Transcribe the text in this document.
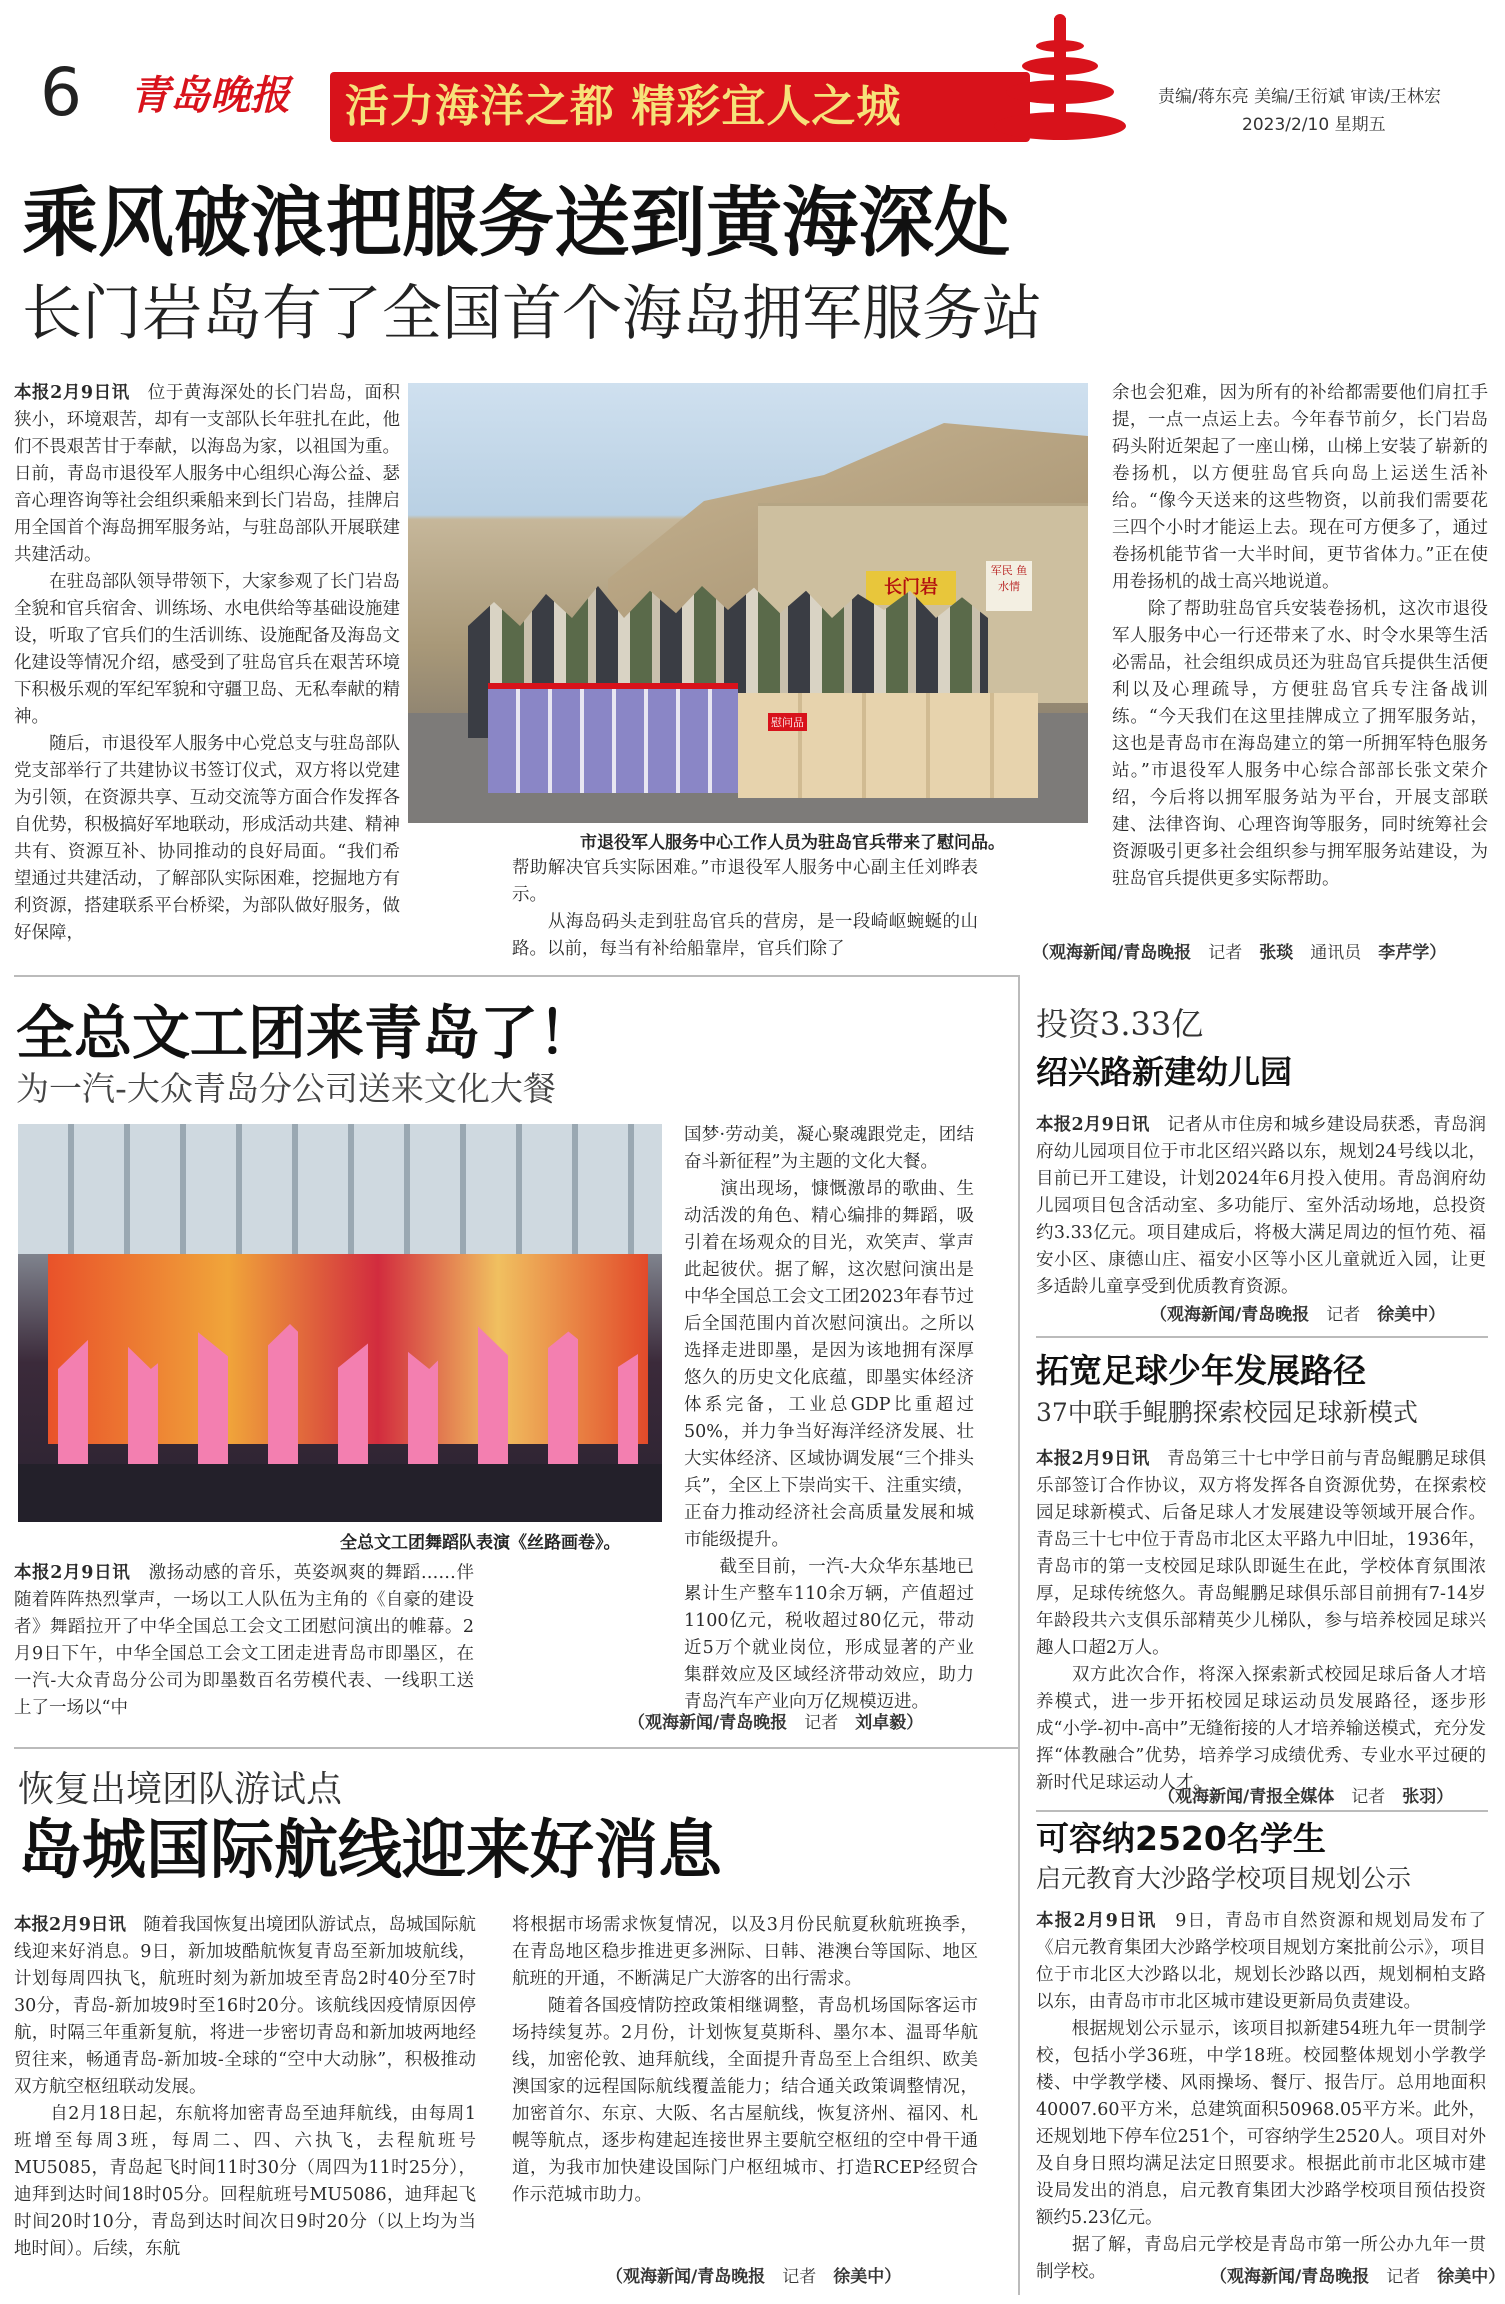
6 青岛晚报 活力海洋之都 精彩宜人之城	责编/蒋东亮 美编/王衍斌 审读/王林宏
2023/2/10 星期五
乘风破浪把服务送到黄海深处
长门岩岛有了全国首个海岛拥军服务站
本报2月9日讯　 位于黄海深处的长门岩岛，面积狭小，环境艰苦，却有一支部队长年驻扎在此，他们不畏艰苦甘于奉献，以海岛为家，以祖国为重。日前，青岛市退役军人服务中心组织心海公益、瑟音心理咨询等社会组织乘船来到长门岩岛，挂牌启用全国首个海岛拥军服务站，与驻岛部队开展联建共建活动。
　　在驻岛部队领导带领下，大家参观了长门岩岛全貌和官兵宿舍、训练场、水电供给等基础设施建设，听取了官兵们的生活训练、设施配备及海岛文化建设等情况介绍，感受到了驻岛官兵在艰苦环境下积极乐观的军纪军貌和守疆卫岛、无私奉献的精神。
　　随后，市退役军人服务中心党总支与驻岛部队党支部举行了共建协议书签订仪式，双方将以党建为引领，在资源共享、互动交流等方面合作发挥各自优势，积极搞好军地联动，形成活动共建、精神共有、资源互补、协同推动的良好局面。“我们希望通过共建活动，了解部队实际困难，挖掘地方有利资源，搭建联系平台桥梁，为部队做好服务，做好保障，
长门岩
军民 鱼水情
慰问品
市退役军人服务中心工作人员为驻岛官兵带来了慰问品。
帮助解决官兵实际困难。”市退役军人服务中心副主任刘晔表示。
　　从海岛码头走到驻岛官兵的营房，是一段崎岖蜿蜒的山路。以前，每当有补给船靠岸，官兵们除了
余也会犯难，因为所有的补给都需要他们肩扛手提，一点一点运上去。今年春节前夕，长门岩岛码头附近架起了一座山梯，山梯上安装了崭新的卷扬机，以方便驻岛官兵向岛上运送生活补给。“像今天送来的这些物资，以前我们需要花三四个小时才能运上去。现在可方便多了，通过卷扬机能节省一大半时间，更节省体力。”正在使用卷扬机的战士高兴地说道。
　　除了帮助驻岛官兵安装卷扬机，这次市退役军人服务中心一行还带来了水、时令水果等生活必需品，社会组织成员还为驻岛官兵提供生活便利以及心理疏导，方便驻岛官兵专注备战训练。“今天我们在这里挂牌成立了拥军服务站，这也是青岛市在海岛建立的第一所拥军特色服务站。”市退役军人服务中心综合部部长张文荣介绍，今后将以拥军服务站为平台，开展支部联建、法律咨询、心理咨询等服务，同时统筹社会资源吸引更多社会组织参与拥军服务站建设，为驻岛官兵提供更多实际帮助。
（观海新闻/青岛晚报　 记者　 张琰　 通讯员　 李芹学）
全总文工团来青岛了！
为一汽-大众青岛分公司送来文化大餐
全总文工团舞蹈队表演《丝路画卷》。
本报2月9日讯　 激扬动感的音乐，英姿飒爽的舞蹈……伴随着阵阵热烈掌声，一场以工人队伍为主角的《自豪的建设者》舞蹈拉开了中华全国总工会文工团慰问演出的帷幕。2月9日下午，中华全国总工会文工团走进青岛市即墨区，在一汽-大众青岛分公司为即墨数百名劳模代表、一线职工送上了一场以“中
国梦·劳动美，凝心聚魂跟党走，团结奋斗新征程”为主题的文化大餐。
　　演出现场，慷慨激昂的歌曲、生动活泼的角色、精心编排的舞蹈，吸引着在场观众的目光，欢笑声、掌声此起彼伏。据了解，这次慰问演出是中华全国总工会文工团2023年春节过后全国范围内首次慰问演出。之所以选择走进即墨，是因为该地拥有深厚悠久的历史文化底蕴，即墨实体经济体系完备，工业总GDP比重超过50%，并力争当好海洋经济发展、壮大实体经济、区域协调发展“三个排头兵”，全区上下崇尚实干、注重实绩，正奋力推动经济社会高质量发展和城市能级提升。
　　截至目前，一汽-大众华东基地已累计生产整车110余万辆，产值超过1100亿元，税收超过80亿元，带动近5万个就业岗位，形成显著的产业集群效应及区域经济带动效应，助力青岛汽车产业向万亿规模迈进。
（观海新闻/青岛晚报　 记者　 刘卓毅）
恢复出境团队游试点
岛城国际航线迎来好消息
本报2月9日讯　 随着我国恢复出境团队游试点，岛城国际航线迎来好消息。9日，新加坡酷航恢复青岛至新加坡航线，计划每周四执飞，航班时刻为新加坡至青岛2时40分至7时30分，青岛-新加坡9时至16时20分。该航线因疫情原因停航，时隔三年重新复航，将进一步密切青岛和新加坡两地经贸往来，畅通青岛-新加坡-全球的“空中大动脉”，积极推动双方航空枢纽联动发展。
　　自2月18日起，东航将加密青岛至迪拜航线，由每周1班增至每周3班，每周二、四、六执飞，去程航班号MU5085，青岛起飞时间11时30分（周四为11时25分），迪拜到达时间18时05分。回程航班号MU5086，迪拜起飞时间20时10分，青岛到达时间次日9时20分（以上均为当地时间）。后续，东航
将根据市场需求恢复情况，以及3月份民航夏秋航班换季，在青岛地区稳步推进更多洲际、日韩、港澳台等国际、地区航班的开通，不断满足广大游客的出行需求。
　　随着各国疫情防控政策相继调整，青岛机场国际客运市场持续复苏。2月份，计划恢复莫斯科、墨尔本、温哥华航线，加密伦敦、迪拜航线，全面提升青岛至上合组织、欧美澳国家的远程国际航线覆盖能力；结合通关政策调整情况，加密首尔、东京、大阪、名古屋航线，恢复济州、福冈、札幌等航点，逐步构建起连接世界主要航空枢纽的空中骨干通道，为我市加快建设国际门户枢纽城市、打造RCEP经贸合作示范城市助力。
（观海新闻/青岛晚报　 记者　 徐美中）
投资3.33亿
绍兴路新建幼儿园
本报2月9日讯　 记者从市住房和城乡建设局获悉，青岛润府幼儿园项目位于市北区绍兴路以东，规划24号线以北，目前已开工建设，计划2024年6月投入使用。青岛润府幼儿园项目包含活动室、多功能厅、室外活动场地，总投资约3.33亿元。项目建成后，将极大满足周边的恒竹苑、福安小区、康德山庄、福安小区等小区儿童就近入园，让更多适龄儿童享受到优质教育资源。
（观海新闻/青岛晚报　 记者　 徐美中）
拓宽足球少年发展路径
37中联手鲲鹏探索校园足球新模式
本报2月9日讯　 青岛第三十七中学日前与青岛鲲鹏足球俱乐部签订合作协议，双方将发挥各自资源优势，在探索校园足球新模式、后备足球人才发展建设等领域开展合作。青岛三十七中位于青岛市北区太平路九中旧址，1936年，青岛市的第一支校园足球队即诞生在此，学校体育氛围浓厚，足球传统悠久。青岛鲲鹏足球俱乐部目前拥有7-14岁年龄段共六支俱乐部精英少儿梯队，参与培养校园足球兴趣人口超2万人。
　　双方此次合作，将深入探索新式校园足球后备人才培养模式，进一步开拓校园足球运动员发展路径，逐步形成“小学-初中-高中”无缝衔接的人才培养输送模式，充分发挥“体教融合”优势，培养学习成绩优秀、专业水平过硬的新时代足球运动人才。
（观海新闻/青报全媒体　 记者　 张羽）
可容纳2520名学生
启元教育大沙路学校项目规划公示
本报2月9日讯　 9日，青岛市自然资源和规划局发布了《启元教育集团大沙路学校项目规划方案批前公示》，项目位于市北区大沙路以北，规划长沙路以西，规划桐柏支路以东，由青岛市市北区城市建设更新局负责建设。
　　根据规划公示显示，该项目拟新建54班九年一贯制学校，包括小学36班，中学18班。校园整体规划小学教学楼、中学教学楼、风雨操场、餐厅、报告厅。总用地面积40007.60平方米，总建筑面积50968.05平方米。此外，还规划地下停车位251个，可容纳学生2520人。项目对外及自身日照均满足法定日照要求。根据此前市北区城市建设局发出的消息，启元教育集团大沙路学校项目预估投资额约5.23亿元。
　　据了解，青岛启元学校是青岛市第一所公办九年一贯制学校。	（观海新闻/青岛晚报　 记者　 徐美中）
